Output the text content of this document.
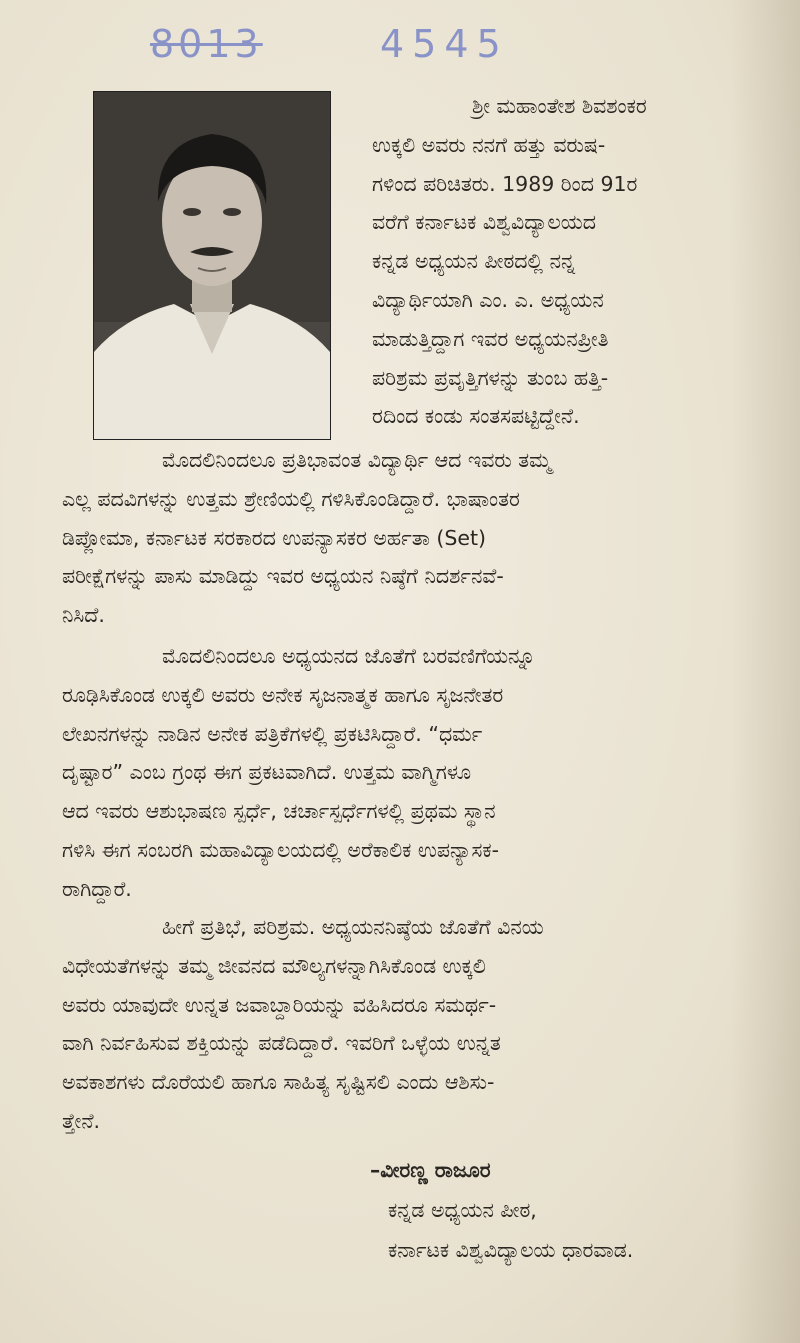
8013	4545
ಶ್ರೀ ಮಹಾಂತೇಶ ಶಿವಶಂಕರ
ಉಕ್ಕಲಿ ಅವರು ನನಗೆ ಹತ್ತು ವರುಷ-
ಗಳಿಂದ ಪರಿಚಿತರು. 1989 ರಿಂದ 91ರ
ವರೆಗೆ ಕರ್ನಾಟಕ ವಿಶ್ವವಿದ್ಯಾಲಯದ
ಕನ್ನಡ ಅಧ್ಯಯನ ಪೀಠದಲ್ಲಿ ನನ್ನ
ವಿದ್ಯಾರ್ಥಿಯಾಗಿ ಎಂ. ಎ. ಅಧ್ಯಯನ
ಮಾಡುತ್ತಿದ್ದಾಗ ಇವರ ಅಧ್ಯಯನಪ್ರೀತಿ
ಪರಿಶ್ರಮ ಪ್ರವೃತ್ತಿಗಳನ್ನು ತುಂಬ ಹತ್ತಿ-
ರದಿಂದ ಕಂಡು ಸಂತಸಪಟ್ಟಿದ್ದೇನೆ.
ಮೊದಲಿನಿಂದಲೂ ಪ್ರತಿಭಾವಂತ ವಿದ್ಯಾರ್ಥಿ ಆದ ಇವರು ತಮ್ಮ
ಎಲ್ಲ ಪದವಿಗಳನ್ನು ಉತ್ತಮ ಶ್ರೇಣಿಯಲ್ಲಿ ಗಳಿಸಿಕೊಂಡಿದ್ದಾರೆ. ಭಾಷಾಂತರ
ಡಿಪ್ಲೋಮಾ, ಕರ್ನಾಟಕ ಸರಕಾರದ ಉಪನ್ಯಾಸಕರ ಅರ್ಹತಾ (Set)
ಪರೀಕ್ಷೆಗಳನ್ನು ಪಾಸು ಮಾಡಿದ್ದು ಇವರ ಅಧ್ಯಯನ ನಿಷ್ಠೆಗೆ ನಿದರ್ಶನವೆ-
ನಿಸಿದೆ.
ಮೊದಲಿನಿಂದಲೂ ಅಧ್ಯಯನದ ಜೊತೆಗೆ ಬರವಣಿಗೆಯನ್ನೂ
ರೂಢಿಸಿಕೊಂಡ ಉಕ್ಕಲಿ ಅವರು ಅನೇಕ ಸೃಜನಾತ್ಮಕ ಹಾಗೂ ಸೃಜನೇತರ
ಲೇಖನಗಳನ್ನು ನಾಡಿನ ಅನೇಕ ಪತ್ರಿಕೆಗಳಲ್ಲಿ ಪ್ರಕಟಿಸಿದ್ದಾರೆ. “ಧರ್ಮ
ದೃಷ್ಟಾರ” ಎಂಬ ಗ್ರಂಥ ಈಗ ಪ್ರಕಟವಾಗಿದೆ. ಉತ್ತಮ ವಾಗ್ಮಿಗಳೂ
ಆದ ಇವರು ಆಶುಭಾಷಣ ಸ್ಪರ್ಧೆ, ಚರ್ಚಾಸ್ಪರ್ಧೆಗಳಲ್ಲಿ ಪ್ರಥಮ ಸ್ಥಾನ
ಗಳಿಸಿ ಈಗ ಸಂಬರಗಿ ಮಹಾವಿದ್ಯಾಲಯದಲ್ಲಿ ಅರೆಕಾಲಿಕ ಉಪನ್ಯಾಸಕ-
ರಾಗಿದ್ದಾರೆ.
ಹೀಗೆ ಪ್ರತಿಭೆ, ಪರಿಶ್ರಮ. ಅಧ್ಯಯನನಿಷ್ಠೆಯ ಜೊತೆಗೆ ವಿನಯ
ವಿಧೇಯತೆಗಳನ್ನು ತಮ್ಮ ಜೀವನದ ಮೌಲ್ಯಗಳನ್ನಾಗಿಸಿಕೊಂಡ ಉಕ್ಕಲಿ
ಅವರು ಯಾವುದೇ ಉನ್ನತ ಜವಾಬ್ದಾರಿಯನ್ನು ವಹಿಸಿದರೂ ಸಮರ್ಥ-
ವಾಗಿ ನಿರ್ವಹಿಸುವ ಶಕ್ತಿಯನ್ನು ಪಡೆದಿದ್ದಾರೆ. ಇವರಿಗೆ ಒಳ್ಳೆಯ ಉನ್ನತ
ಅವಕಾಶಗಳು ದೊರೆಯಲಿ ಹಾಗೂ ಸಾಹಿತ್ಯ ಸೃಷ್ಟಿಸಲಿ ಎಂದು ಆಶಿಸು-
ತ್ತೇನೆ.
–ವೀರಣ್ಣ ರಾಜೂರ
ಕನ್ನಡ ಅಧ್ಯಯನ ಪೀಠ,
ಕರ್ನಾಟಕ ವಿಶ್ವವಿದ್ಯಾಲಯ ಧಾರವಾಡ.
